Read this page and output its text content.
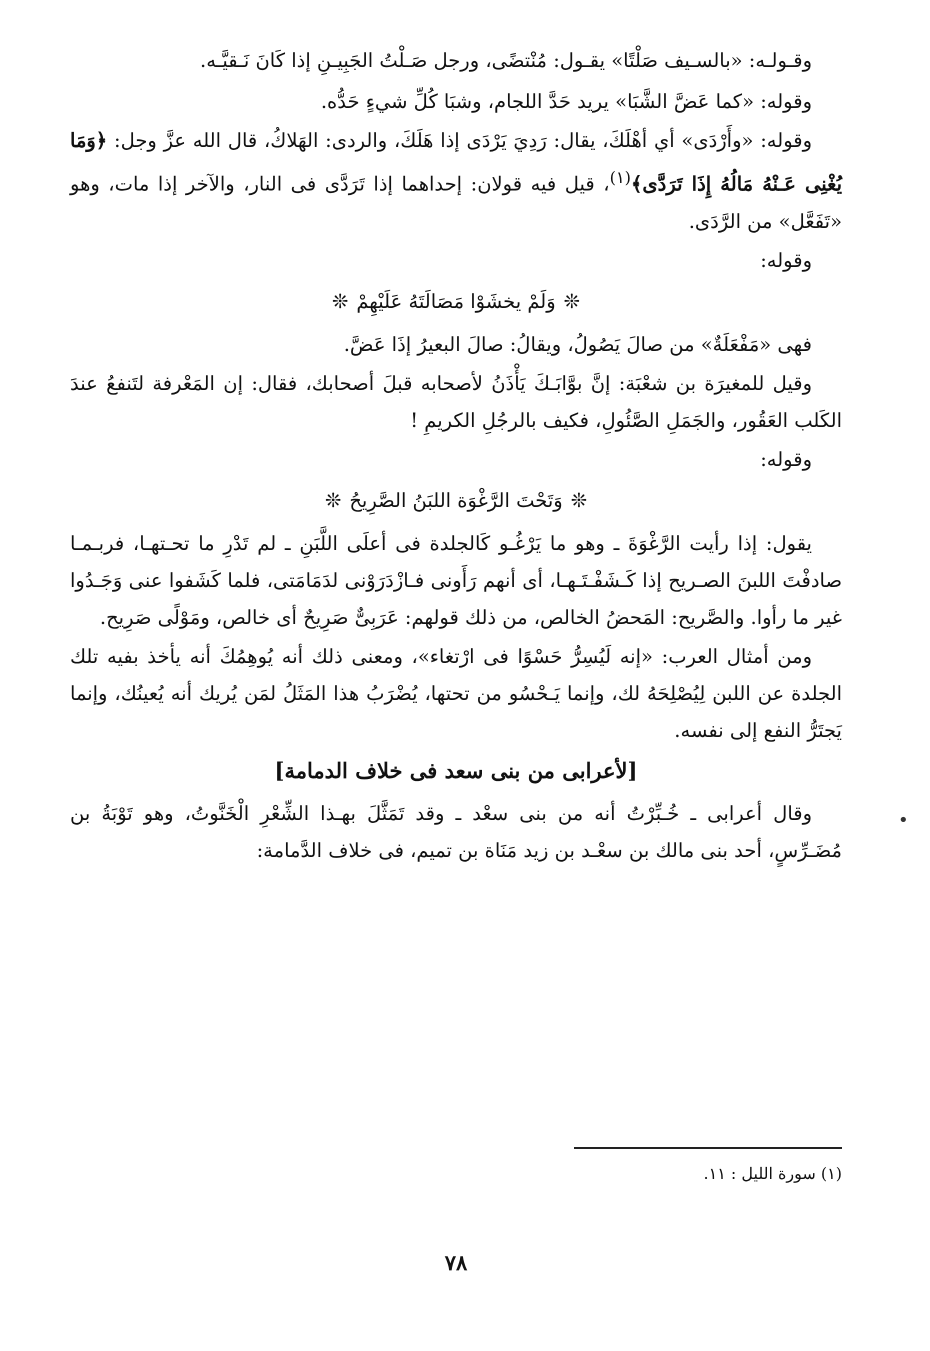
وقـولـه: «بالسـيف صَلْتًا» يقـول: مُنْتضًى، ورجل صَـلْتُ الجَبِيـنِ إذا كَانَ نَـقيَّـه.

وقوله: «كما عَضَّ الشَّبَا» يريد حَدَّ اللجام، وشبَا كُلِّ شيءٍ حَدُّه.

وقوله: «وأَرْدَى» أي أهْلَكَ، يقال: رَدِيَ يَرْدَى إذا هَلَكَ، والردى: الهَلاكُ، قال الله عزَّ وجل: ﴿وَمَا يُغْنِى عَـنْهُ مَالُهُ إِذَا تَرَدَّى﴾$^{(١)}$، قيل فيه قولان: إحداهما إذا تَرَدَّى فى النار، والآخر إذا مات، وهو «تَفَعَّل» من الرَّدَى.

وقوله:

❊وَلَمْ يخشَوْا مَصَالَتَهُ عَلَيْهِمْ❊

فهى «مَفْعَلَةٌ» من صالَ يَصُولُ، ويقالُ: صالَ البعيرُ إذَا عَضَّ.

وقيل للمغيرَة بن شعْبَة: إنَّ بوَّابَـكَ يَأْذَنُ لأصحابه قبلَ أصحابك، فقال: إن المَعْرفة لتَنفعُ عندَ الكَلب العَقُور، والجَمَلِ الصَّئُولِ، فكيف بالرجُلِ الكريمِ !

وقوله:

❊وَتَحْتَ الرَّغْوَة اللبَنُ الصَّرِيحُ❊

يقول: إذا رأيت الرَّغْوَةَ ـ وهو ما يَرْغُـو كَالجلدة فى أعلَى اللَّبَنِ ـ لم تَدْرِ ما تحـتهـا، فربـمـا صادفْتَ اللبنَ الصـريح إذا كَـشَفْـتَـهـا، أى أنهم رَأَونى فـازْدَرَوْنى لدَمَامَتى، فلما كَشَفوا عنى وَجَـدُوا غير ما رأوا. والصَّريح: المَحضُ الخالص، من ذلك قولهم: عَرَبِىٌّ صَرِيحٌ أى خالص، ومَوْلًى صَرِيح.

ومن أمثال العرب: «إنه لَيُسِرُّ حَسْوًا فى ارْتغاء»، ومعنى ذلك أنه يُوهِمُكَ أنه يأخذ بفيه تلك الجلدة عن اللبن لِيُصْلِحَهُ لك، وإنما يَـحْسُو من تحتها، يُضْرَبُ هذا المَثَلُ لمَن يُريك أنه يُعينُك، وإنما يَجتَرُّ النفع إلى نفسه.

[لأعرابى من بنى سعد فى خلاف الدمامة]

وقال أعرابى ـ خُـبِّرْتُ أنه من بنى سعْد ـ وقد تَمَثَّلَ بهـذا الشِّعْرِ الْخَنَّوتُ، وهو تَوْبَةُ بن مُضَـرِّسٍ، أحد بنى مالك بن سعْـد بن زيد مَنَاة بن تميم، فى خلاف الدَّمامة:

(١) سورة الليل : ١١.
٧٨
•
